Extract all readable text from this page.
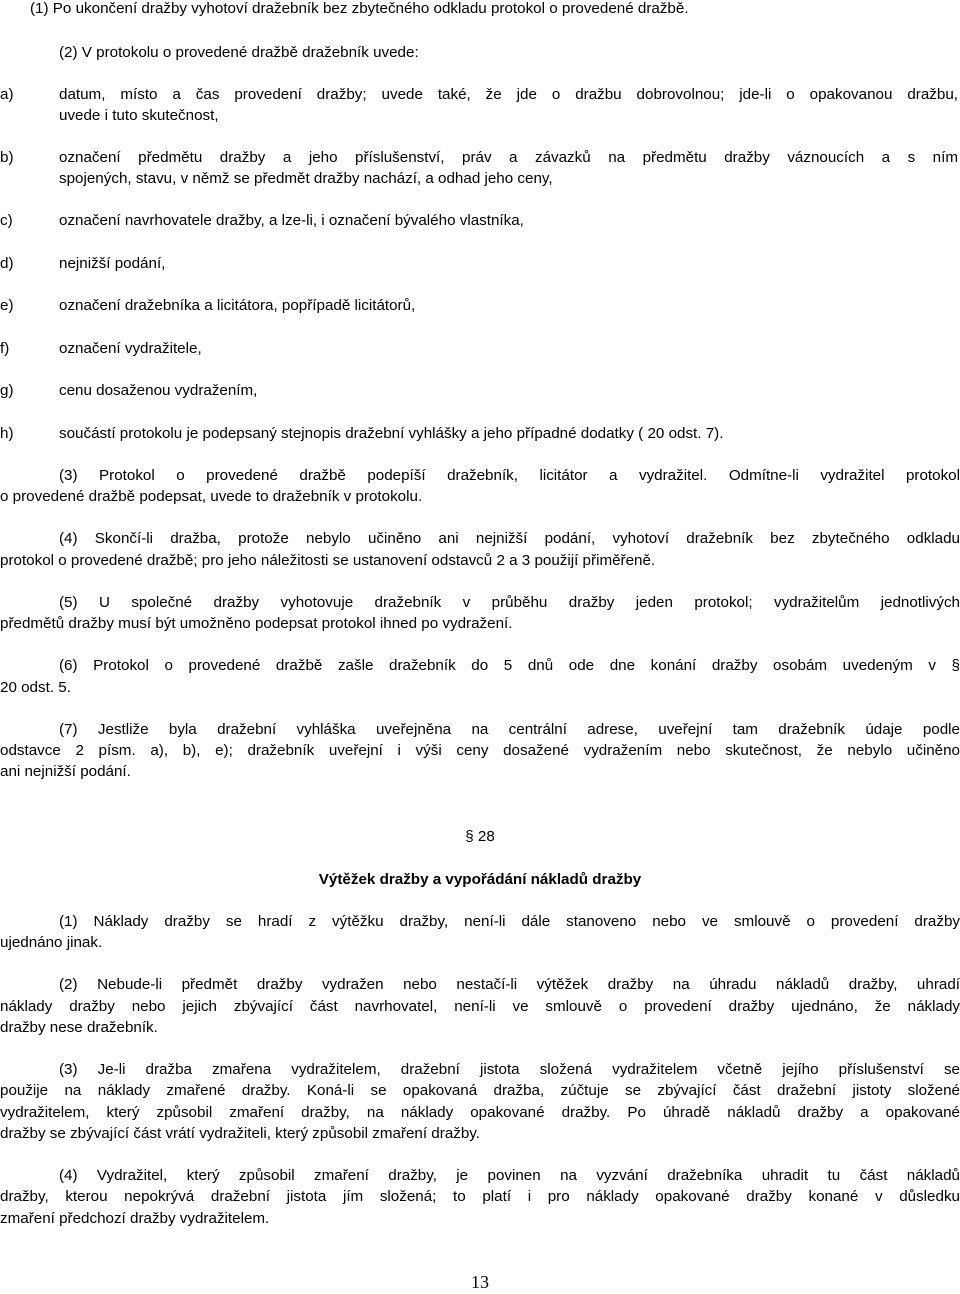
(1) Po ukončení dražby vyhotoví dražebník bez zbytečného odkladu protokol o provedené dražbě.
(2) V protokolu o provedené dražbě dražebník uvede:
a)	datum, místo a čas provedení dražby; uvede také, že jde o dražbu dobrovolnou; jde-li o opakovanou dražbu,
uvede i tuto skutečnost,
b)	označení předmětu dražby a jeho příslušenství, práv a závazků na předmětu dražby váznoucích a s ním
spojených, stavu, v němž se předmět dražby nachází, a odhad jeho ceny,
c)	označení navrhovatele dražby, a lze-li, i označení bývalého vlastníka,
d)	nejnižší podání,
e)	označení dražebníka a licitátora, popřípadě licitátorů,
f)	označení vydražitele,
g)	cenu dosaženou vydražením,
h)	součástí protokolu je podepsaný stejnopis dražební vyhlášky a jeho případné dodatky ( 20 odst. 7).
(3) Protokol o provedené dražbě podepíší dražebník, licitátor a vydražitel. Odmítne-li vydražitel protokol
o provedené dražbě podepsat, uvede to dražebník v protokolu.
(4) Skončí-li dražba, protože nebylo učiněno ani nejnižší podání, vyhotoví dražebník bez zbytečného odkladu
protokol o provedené dražbě; pro jeho náležitosti se ustanovení odstavců 2 a 3 použijí přiměřeně.
(5) U společné dražby vyhotovuje dražebník v průběhu dražby jeden protokol; vydražitelům jednotlivých
předmětů dražby musí být umožněno podepsat protokol ihned po vydražení.
(6) Protokol o provedené dražbě zašle dražebník do 5 dnů ode dne konání dražby osobám uvedeným v §
20 odst. 5.
(7) Jestliže byla dražební vyhláška uveřejněna na centrální adrese, uveřejní tam dražebník údaje podle
odstavce 2 písm. a), b), e); dražebník uveřejní i výši ceny dosažené vydražením nebo skutečnost, že nebylo učiněno
ani nejnižší podání.
§ 28
Výtěžek dražby a vypořádání nákladů dražby
(1) Náklady dražby se hradí z výtěžku dražby, není-li dále stanoveno nebo ve smlouvě o provedení dražby
ujednáno jinak.
(2) Nebude-li předmět dražby vydražen nebo nestačí-li výtěžek dražby na úhradu nákladů dražby, uhradí
náklady dražby nebo jejich zbývající část navrhovatel, není-li ve smlouvě o provedení dražby ujednáno, že náklady
dražby nese dražebník.
(3) Je-li dražba zmařena vydražitelem, dražební jistota složená vydražitelem včetně jejího příslušenství se
použije na náklady zmařené dražby. Koná-li se opakovaná dražba, zúčtuje se zbývající část dražební jistoty složené
vydražitelem, který způsobil zmaření dražby, na náklady opakované dražby. Po úhradě nákladů dražby a opakované
dražby se zbývající část vrátí vydražiteli, který způsobil zmaření dražby.
(4) Vydražitel, který způsobil zmaření dražby, je povinen na vyzvání dražebníka uhradit tu část nákladů
dražby, kterou nepokrývá dražební jistota jím složená; to platí i pro náklady opakované dražby konané v důsledku
zmaření předchozí dražby vydražitelem.
13
